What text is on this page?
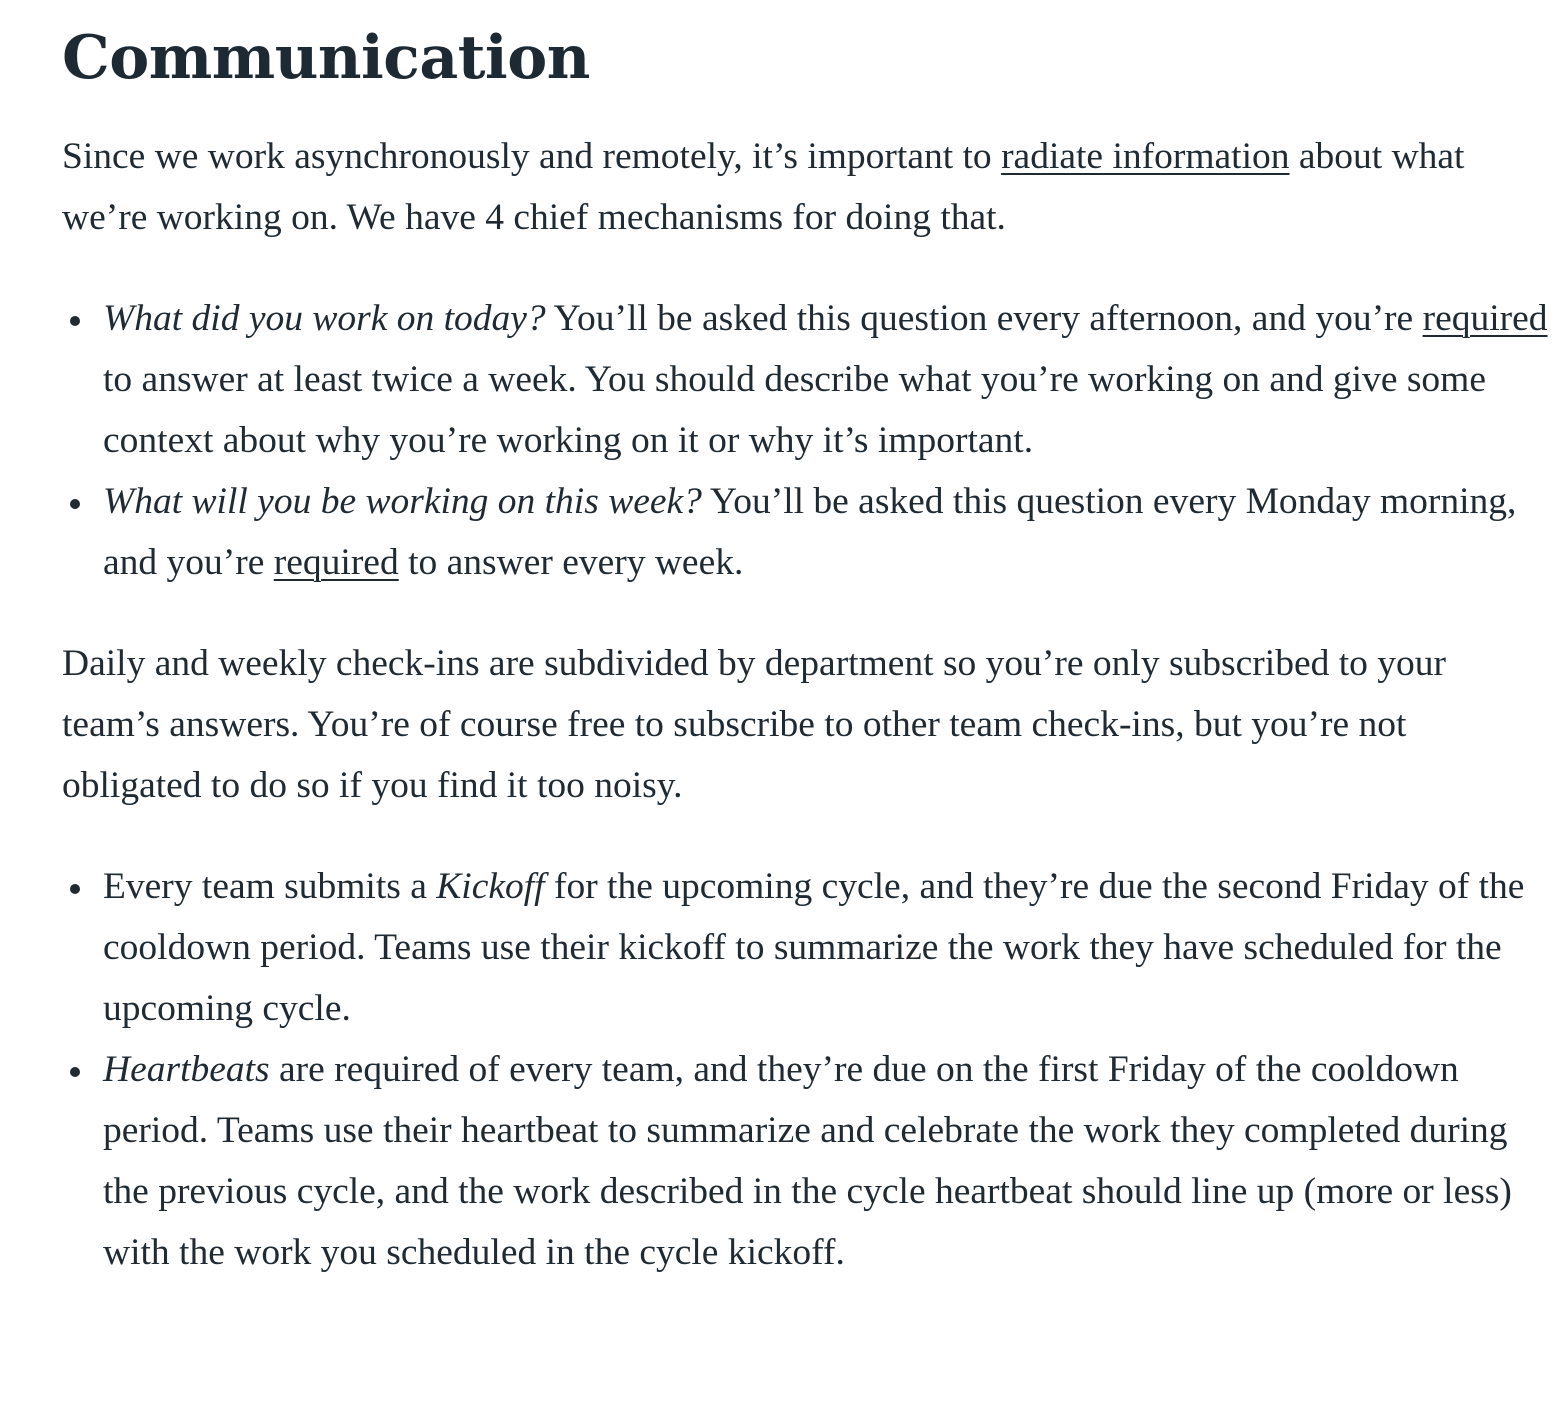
Communication

Since we work asynchronously and remotely, it’s important to radiate information about what we’re working on. We have 4 chief mechanisms for doing that.

What did you work on today? You’ll be asked this question every afternoon, and you’re required to answer at least twice a week. You should describe what you’re working on and give some context about why you’re working on it or why it’s important.
What will you be working on this week? You’ll be asked this question every Monday morning, and you’re required to answer every week.

Daily and weekly check-ins are subdivided by department so you’re only subscribed to your team’s answers. You’re of course free to subscribe to other team check-ins, but you’re not obligated to do so if you find it too noisy.

Every team submits a Kickoff for the upcoming cycle, and they’re due the second Friday of the cooldown period. Teams use their kickoff to summarize the work they have scheduled for the upcoming cycle.
Heartbeats are required of every team, and they’re due on the first Friday of the cooldown period. Teams use their heartbeat to summarize and celebrate the work they completed during the previous cycle, and the work described in the cycle heartbeat should line up (more or less) with the work you scheduled in the cycle kickoff.
